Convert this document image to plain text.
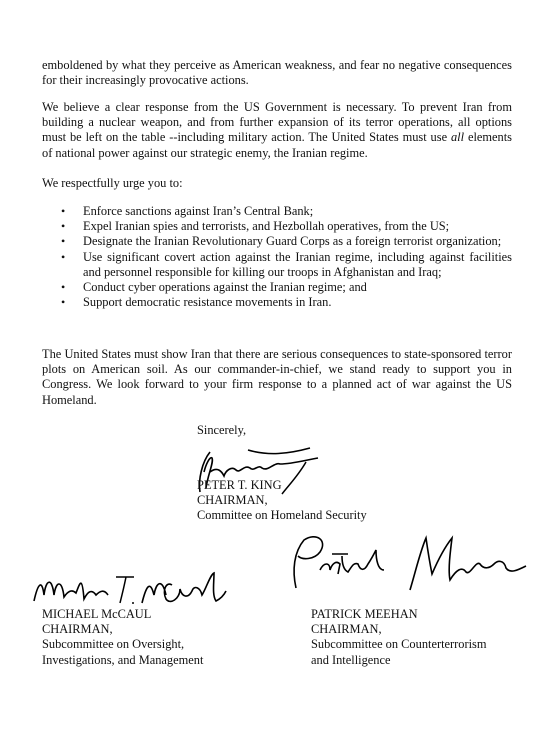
emboldened by what they perceive as American weakness, and fear no negative consequences for their increasingly provocative actions.

We believe a clear response from the US Government is necessary. To prevent Iran from building a nuclear weapon, and from further expansion of its terror operations, all options must be left on the table --including military action. The United States must use all elements of national power against our strategic enemy, the Iranian regime.

We respectfully urge you to:

• Enforce sanctions against Iran’s Central Bank;
• Expel Iranian spies and terrorists, and Hezbollah operatives, from the US;
• Designate the Iranian Revolutionary Guard Corps as a foreign terrorist organization;
• Use significant covert action against the Iranian regime, including against facilities and personnel responsible for killing our troops in Afghanistan and Iraq;
• Conduct cyber operations against the Iranian regime; and
• Support democratic resistance movements in Iran.

The United States must show Iran that there are serious consequences to state-sponsored terror plots on American soil. As our commander-in-chief, we stand ready to support you in Congress. We look forward to your firm response to a planned act of war against the US Homeland.

Sincerely,
PETER T. KING
CHAIRMAN,
Committee on Homeland Security
MICHAEL McCAUL
CHAIRMAN,
Subcommittee on Oversight,
Investigations, and Management
PATRICK MEEHAN
CHAIRMAN,
Subcommittee on Counterterrorism
and Intelligence
